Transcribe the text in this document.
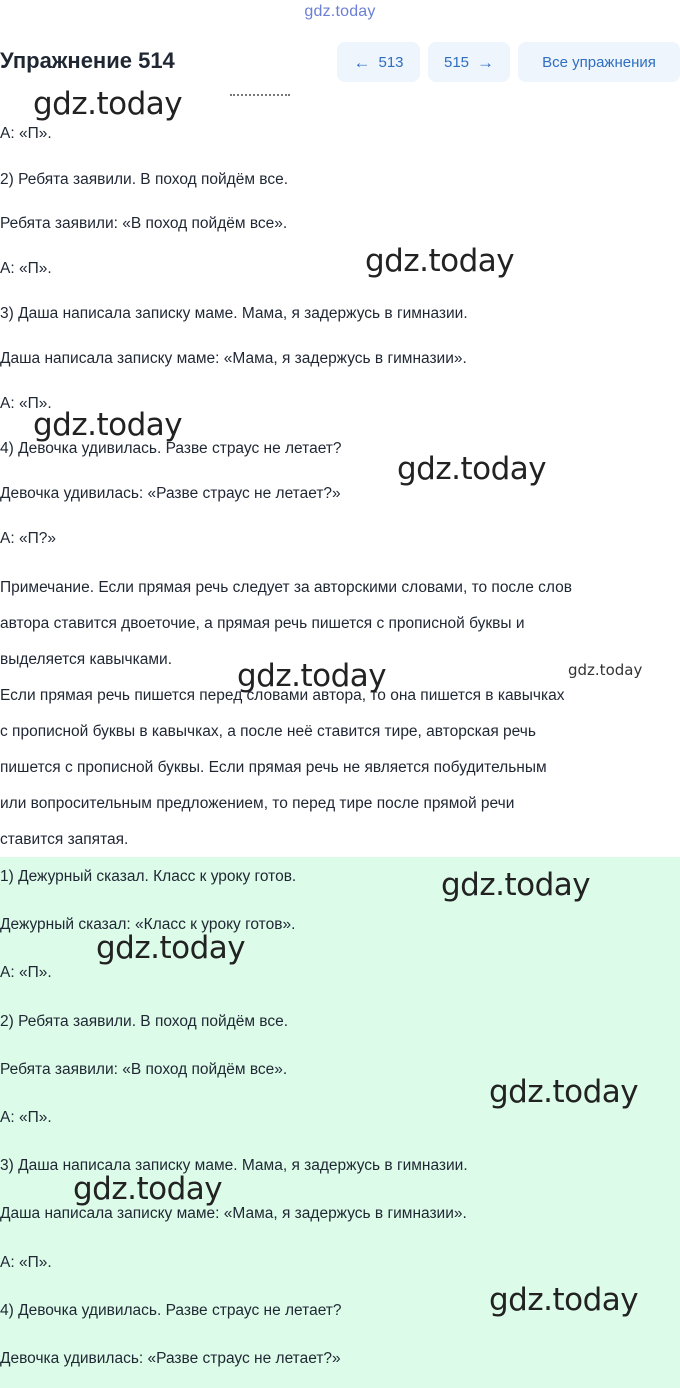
gdz.today
Упражнение 514	← 513	515 →	Все упражнения

А: «П».

2) Ребята заявили. В поход пойдём все.

Ребята заявили: «В поход пойдём все».

А: «П».

3) Даша написала записку маме. Мама, я задержусь в гимназии.

Даша написала записку маме: «Мама, я задержусь в гимназии».

А: «П».

4) Девочка удивилась. Разве страус не летает?

Девочка удивилась: «Разве страус не летает?»

А: «П?»

Примечание. Если прямая речь следует за авторскими словами, то после слов

автора ставится двоеточие, а прямая речь пишется с прописной буквы и

выделяется кавычками.

Если прямая речь пишется перед словами автора, то она пишется в кавычках

с прописной буквы в кавычках, а после неё ставится тире, авторская речь

пишется с прописной буквы. Если прямая речь не является побудительным

или вопросительным предложением, то перед тире после прямой речи

ставится запятая.

1) Дежурный сказал. Класс к уроку готов.

Дежурный сказал: «Класс к уроку готов».

А: «П».

2) Ребята заявили. В поход пойдём все.

Ребята заявили: «В поход пойдём все».

А: «П».

3) Даша написала записку маме. Мама, я задержусь в гимназии.

Даша написала записку маме: «Мама, я задержусь в гимназии».

А: «П».

4) Девочка удивилась. Разве страус не летает?

Девочка удивилась: «Разве страус не летает?»

gdz.today
gdz.today
gdz.today
gdz.today
gdz.today	gdz.today
gdz.today
gdz.today
gdz.today
gdz.today
gdz.today
